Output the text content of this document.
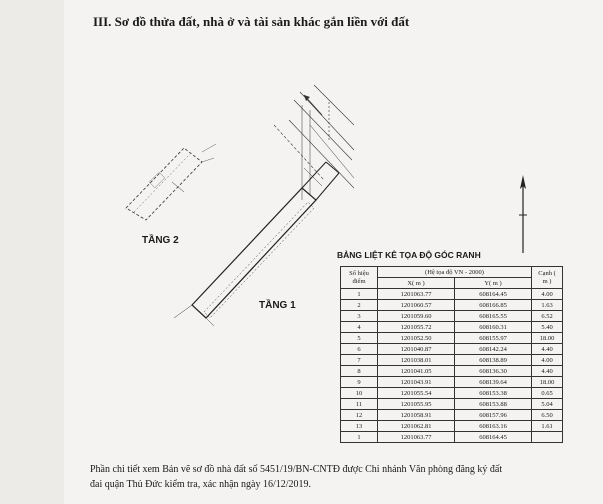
III. Sơ đồ thửa đất, nhà ở và tài sản khác gắn liền với đất
TẦNG 2
TẦNG 1
BẢNG LIỆT KÊ TỌA ĐỘ GÓC RANH
Số hiệu điểm	(Hệ tọa độ VN - 2000)		Cạnh ( m )
	X( m )	Y( m )	
1	1201063.77	608164.45	4.00
2	1201060.57	608166.85	1.63
3	1201059.60	608165.55	6.52
4	1201055.72	608160.31	5.40
5	1201052.50	608155.97	18.00
6	1201040.87	608142.24	4.40
7	1201038.01	608138.89	4.00
8	1201041.05	608136.30	4.40
9	1201043.91	608139.64	18.00
10	1201055.54	608153.38	0.65
11	1201055.95	608153.88	5.04
12	1201058.91	608157.96	6.50
13	1201062.81	608163.16	1.61
1	1201063.77	608164.45	
Phần chi tiết xem Bản vẽ sơ đồ nhà đất số 5451/19/BN-CNTĐ được Chi nhánh Văn phòng đăng ký đất
đai quận Thủ Đức kiểm tra, xác nhận ngày 16/12/2019.
